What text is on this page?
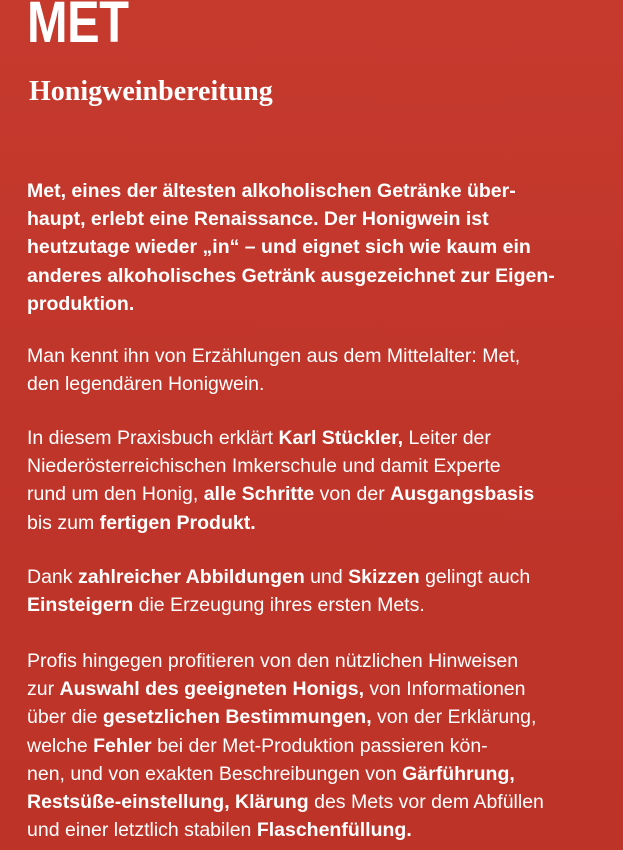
MET
Honigweinbereitung

Met, eines der ältesten alkoholischen Getränke über-
haupt, erlebt eine Renaissance. Der Honigwein ist
heutzutage wieder „in“ – und eignet sich wie kaum ein
anderes alkoholisches Getränk ausgezeichnet zur Eigen-
produktion.

Man kennt ihn von Erzählungen aus dem Mittelalter: Met,
den legendären Honigwein.

In diesem Praxisbuch erklärt Karl Stückler, Leiter der
Niederösterreichischen Imkerschule und damit Experte
rund um den Honig, alle Schritte von der Ausgangsbasis
bis zum fertigen Produkt.

Dank zahlreicher Abbildungen und Skizzen gelingt auch
Einsteigern die Erzeugung ihres ersten Mets.

Profis hingegen profitieren von den nützlichen Hinweisen
zur Auswahl des geeigneten Honigs, von Informationen
über die gesetzlichen Bestimmungen, von der Erklärung,
welche Fehler bei der Met-Produktion passieren kön-
nen, und von exakten Beschreibungen von Gärführung,
Restsüße-einstellung, Klärung des Mets vor dem Abfüllen
und einer letztlich stabilen Flaschenfüllung.
